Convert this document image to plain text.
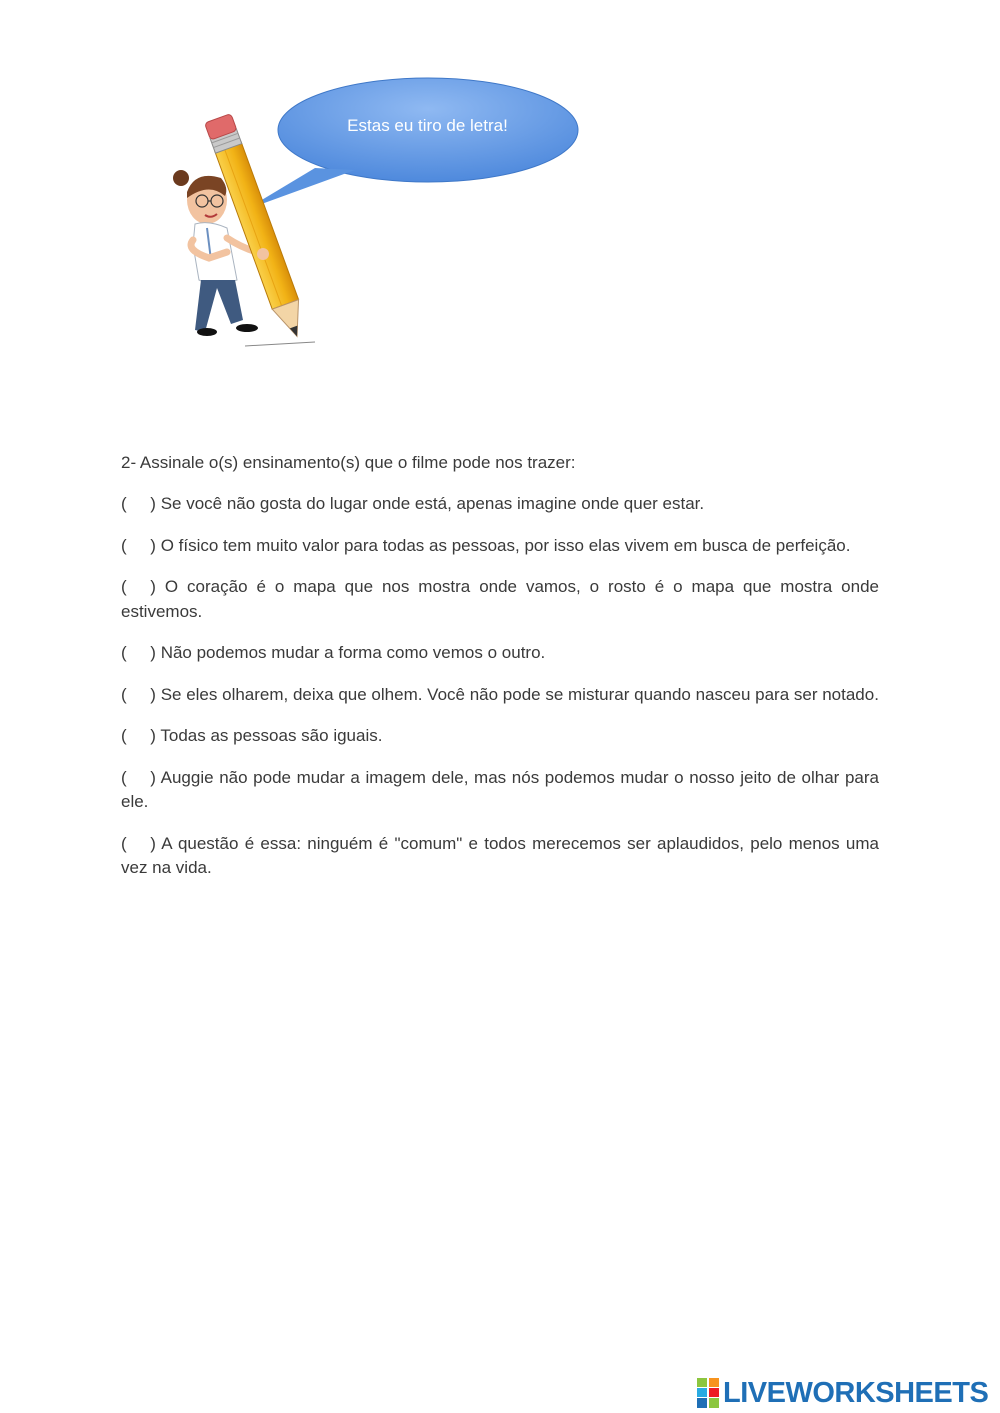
Estas eu tiro de letra!

2- Assinale o(s) ensinamento(s) que o filme pode nos trazer:

(     ) Se você não gosta do lugar onde está, apenas imagine onde quer estar.

(     ) O físico tem muito valor para todas as pessoas, por isso elas vivem em busca de perfeição.

(     ) O coração é o mapa que nos mostra onde vamos, o rosto é o mapa que mostra onde estivemos.

(     ) Não podemos mudar a forma como vemos o outro.

(     ) Se eles olharem, deixa que olhem. Você não pode se misturar quando nasceu para ser notado.

(     ) Todas as pessoas são iguais.

(     ) Auggie não pode mudar a imagem dele, mas nós podemos mudar o nosso jeito de olhar para ele.

(     ) A questão é essa: ninguém é "comum" e todos merecemos ser aplaudidos, pelo menos uma vez na vida.

LIVEWORKSHEETS
